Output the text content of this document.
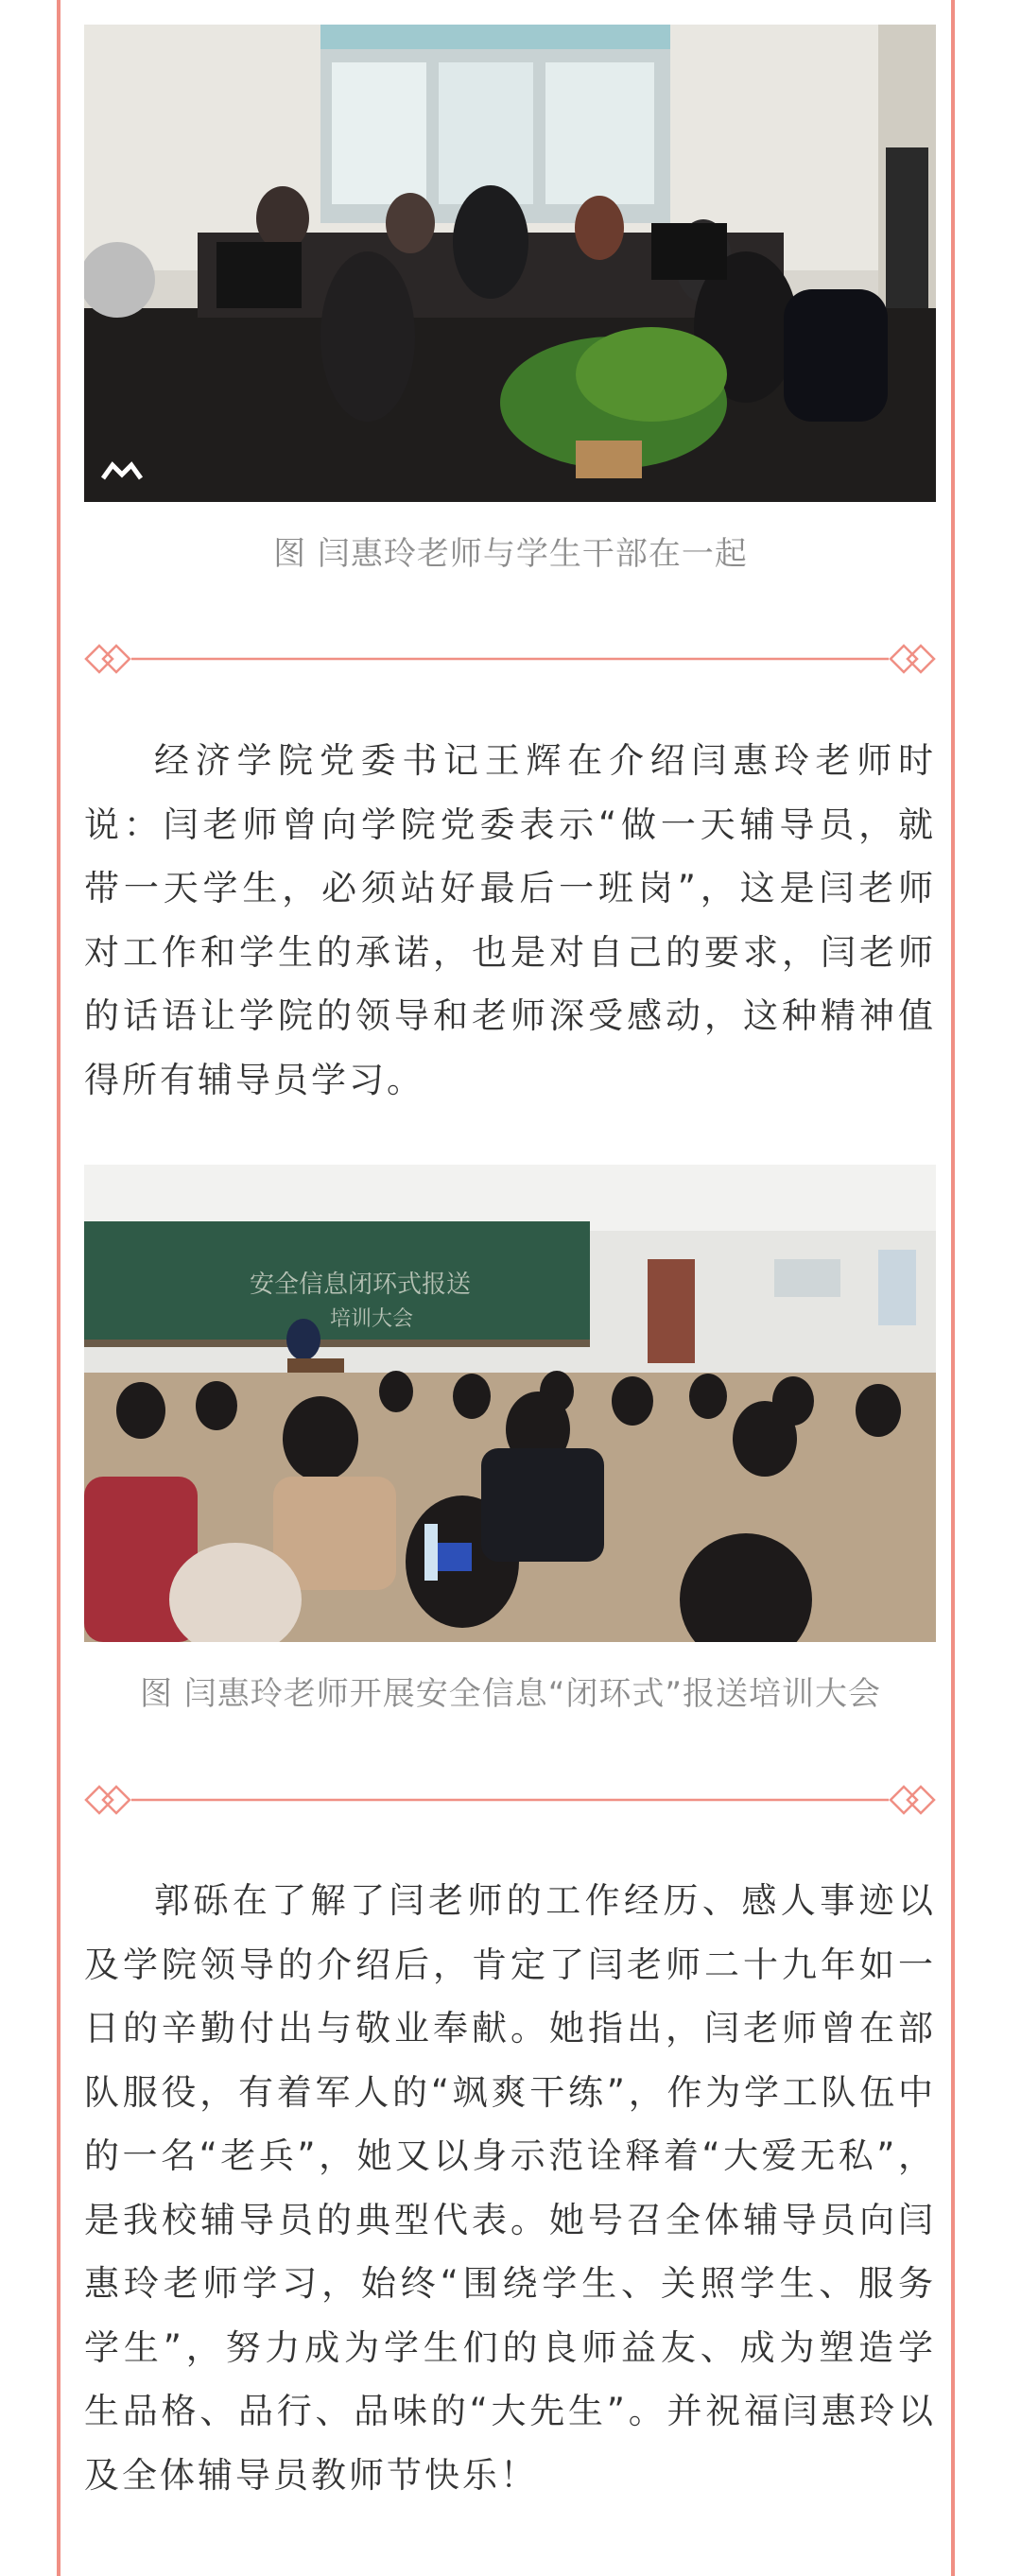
图 闫惠玲老师与学生干部在一起
经济学院党委书记王辉在介绍闫惠玲老师时说：闫老师曾向学院党委表示“做一天辅导员，就带一天学生，必须站好最后一班岗”，这是闫老师对工作和学生的承诺，也是对自己的要求，闫老师的话语让学院的领导和老师深受感动，这种精神值得所有辅导员学习。
安全信息闭环式报送
培训大会
图 闫惠玲老师开展安全信息“闭环式”报送培训大会
郭砾在了解了闫老师的工作经历、感人事迹以及学院领导的介绍后，肯定了闫老师二十九年如一日的辛勤付出与敬业奉献。她指出，闫老师曾在部队服役，有着军人的“飒爽干练”，作为学工队伍中的一名“老兵”，她又以身示范诠释着“大爱无私”，是我校辅导员的典型代表。她号召全体辅导员向闫惠玲老师学习，始终“围绕学生、关照学生、服务学生”，努力成为学生们的良师益友、成为塑造学生品格、品行、品味的“大先生”。并祝福闫惠玲以及全体辅导员教师节快乐！
